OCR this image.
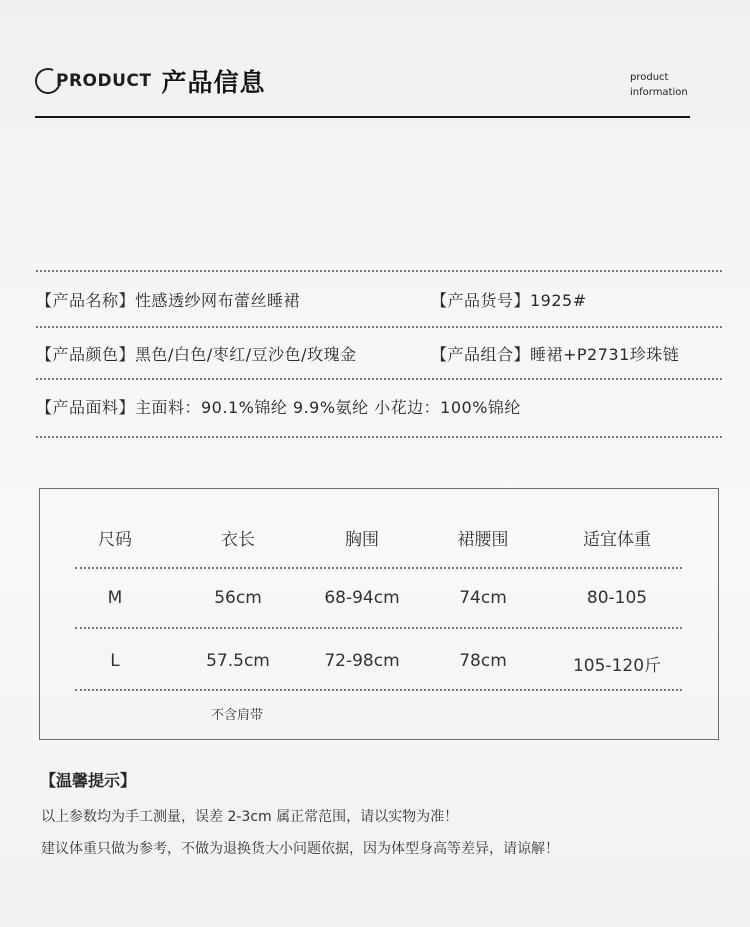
PRODUCT 产品信息	product
information
【产品名称】性感透纱网布蕾丝睡裙	【产品货号】1925#
【产品颜色】黑色/白色/枣红/豆沙色/玫瑰金	【产品组合】睡裙+P2731珍珠链
【产品面料】主面料：90.1%锦纶 9.9%氨纶 小花边：100%锦纶
尺码	衣长	胸围	裙腰围	适宜体重
M	56cm	68-94cm	74cm	80-105
L	57.5cm	72-98cm	78cm	105-120斤
不含肩带
【温馨提示】
以上参数均为手工测量，误差 2-3cm 属正常范围，请以实物为准！
建议体重只做为参考，不做为退换货大小问题依据，因为体型身高等差异，请谅解！
